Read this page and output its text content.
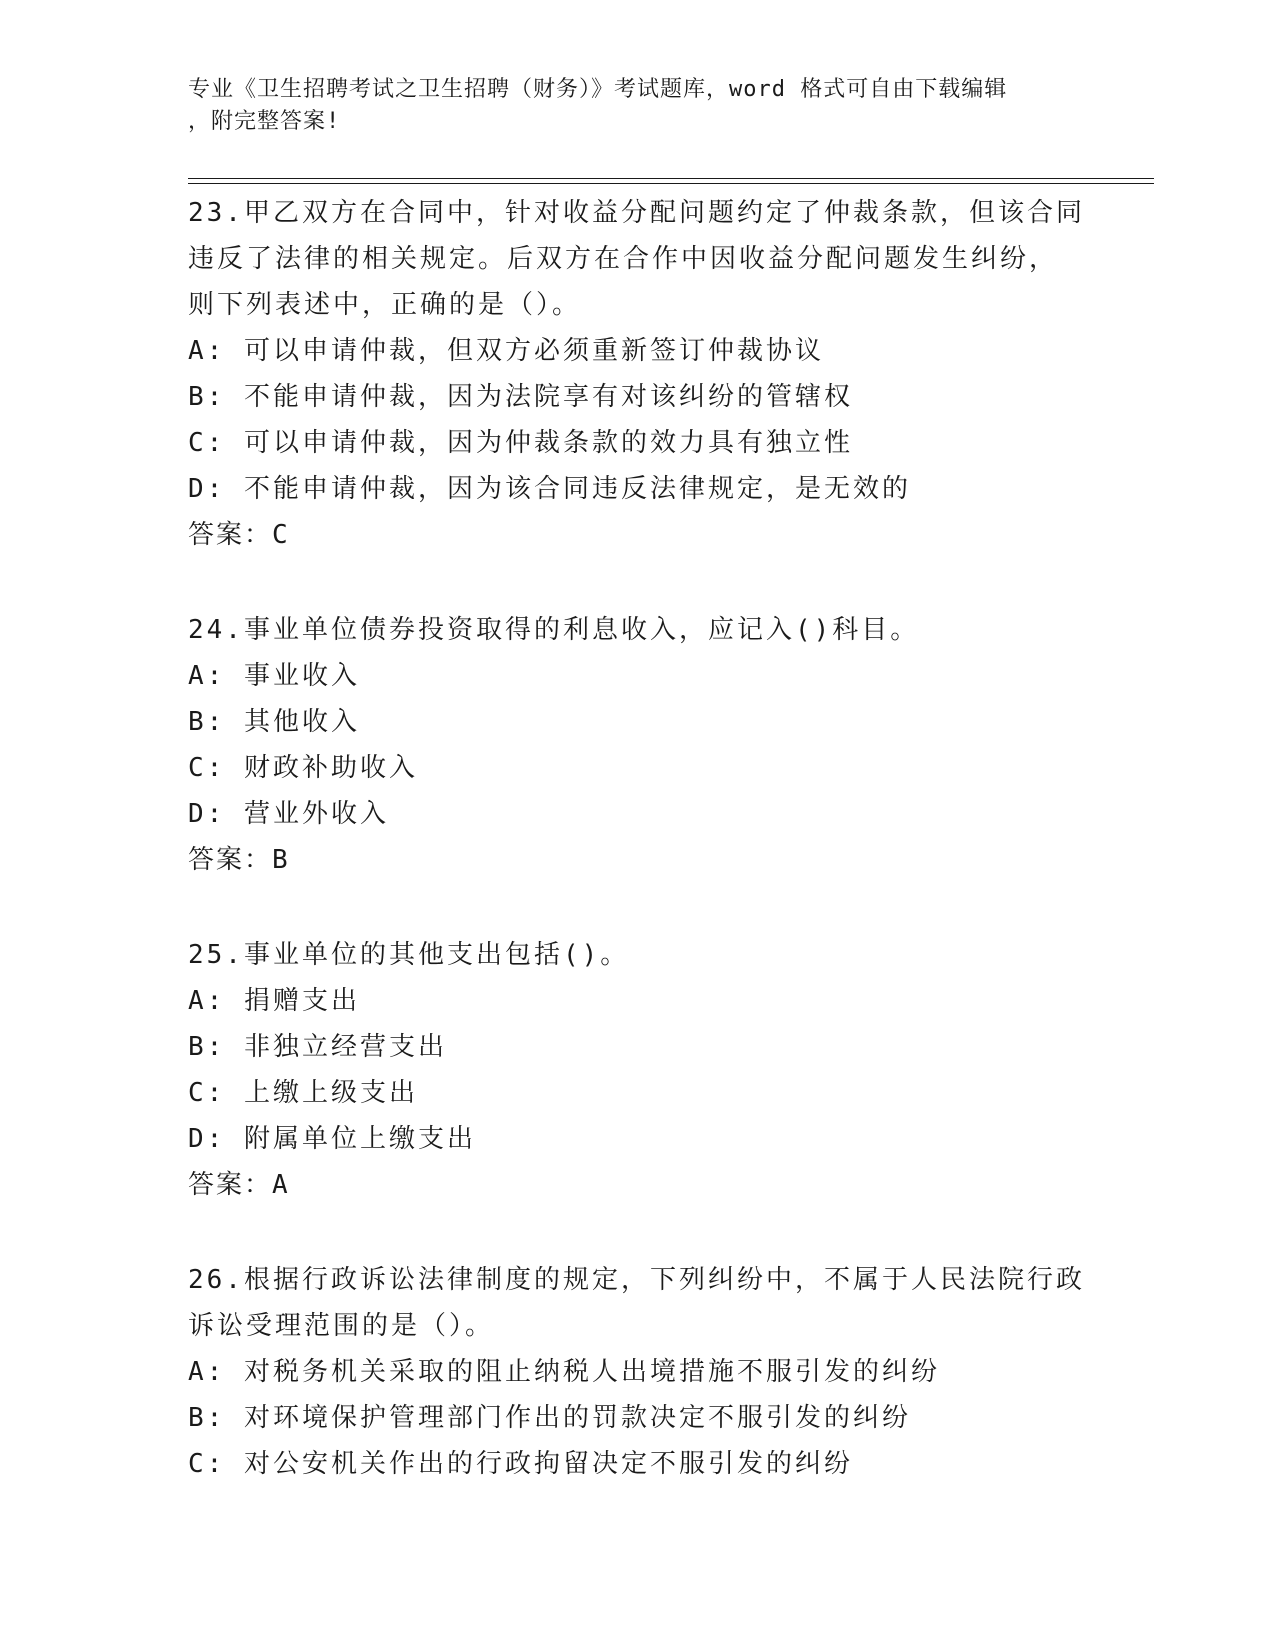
专业《卫生招聘考试之卫生招聘（财务）》考试题库，word 格式可自由下载编辑
，附完整答案!
23.甲乙双方在合同中，针对收益分配问题约定了仲裁条款，但该合同
违反了法律的相关规定。后双方在合作中因收益分配问题发生纠纷，
则下列表述中，正确的是（）。
A: 可以申请仲裁，但双方必须重新签订仲裁协议
B: 不能申请仲裁，因为法院享有对该纠纷的管辖权
C: 可以申请仲裁，因为仲裁条款的效力具有独立性
D: 不能申请仲裁，因为该合同违反法律规定，是无效的
答案：C
24.事业单位债券投资取得的利息收入，应记入()科目。
A: 事业收入
B: 其他收入
C: 财政补助收入
D: 营业外收入
答案：B
25.事业单位的其他支出包括()。
A: 捐赠支出
B: 非独立经营支出
C: 上缴上级支出
D: 附属单位上缴支出
答案：A
26.根据行政诉讼法律制度的规定，下列纠纷中，不属于人民法院行政
诉讼受理范围的是（）。
A: 对税务机关采取的阻止纳税人出境措施不服引发的纠纷
B: 对环境保护管理部门作出的罚款决定不服引发的纠纷
C: 对公安机关作出的行政拘留决定不服引发的纠纷
